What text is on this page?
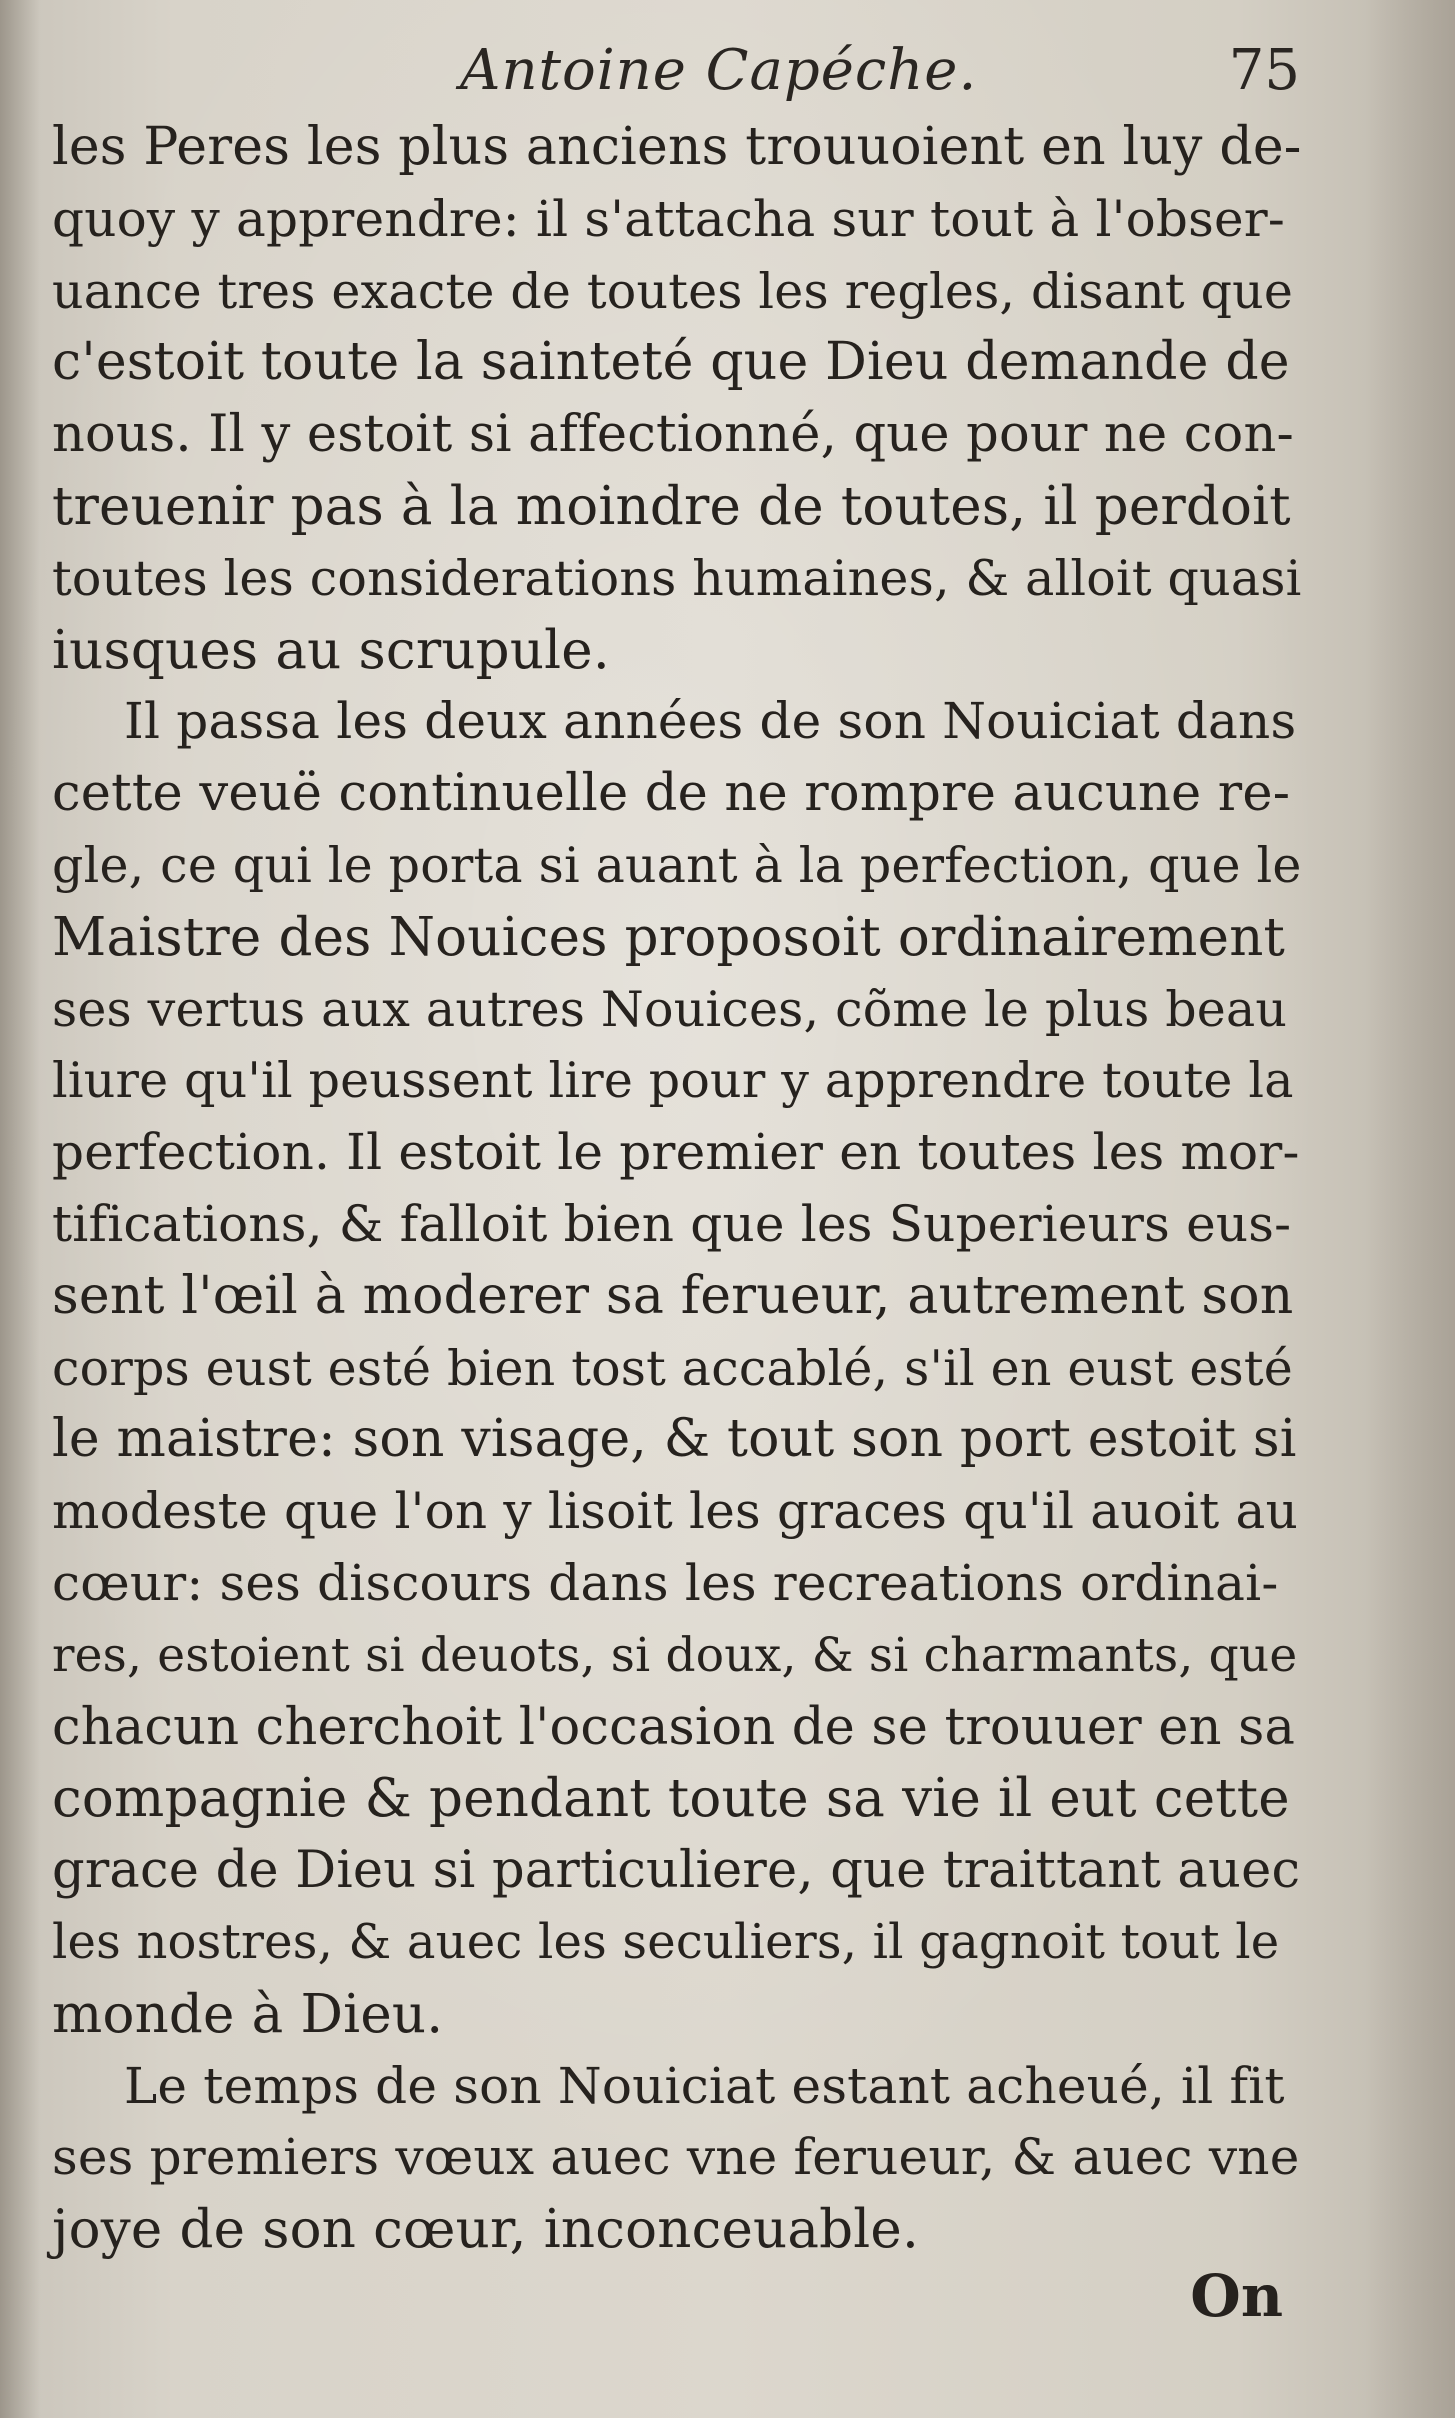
Antoine Capéche.	75
les Peres les plus anciens trouuoient en luy de-
quoy y apprendre: il s'attacha sur tout à l'obser-
uance tres exacte de toutes les regles, disant que
c'estoit toute la sainteté que Dieu demande de
nous. Il y estoit si affectionné, que pour ne con-
treuenir pas à la moindre de toutes, il perdoit
toutes les considerations humaines, & alloit quasi
iusques au scrupule.
Il passa les deux années de son Nouiciat dans
cette veuë continuelle de ne rompre aucune re-
gle, ce qui le porta si auant à la perfection, que le
Maistre des Nouices proposoit ordinairement
ses vertus aux autres Nouices, cõme le plus beau
liure qu'il peussent lire pour y apprendre toute la
perfection. Il estoit le premier en toutes les mor-
tifications, & falloit bien que les Superieurs eus-
sent l'œil à moderer sa ferueur, autrement son
corps eust esté bien tost accablé, s'il en eust esté
le maistre: son visage, & tout son port estoit si
modeste que l'on y lisoit les graces qu'il auoit au
cœur: ses discours dans les recreations ordinai-
res, estoient si deuots, si doux, & si charmants, que
chacun cherchoit l'occasion de se trouuer en sa
compagnie & pendant toute sa vie il eut cette
grace de Dieu si particuliere, que traittant auec
les nostres, & auec les seculiers, il gagnoit tout le
monde à Dieu.
Le temps de son Nouiciat estant acheué, il fit
ses premiers vœux auec vne ferueur, & auec vne
joye de son cœur, inconceuable.
On
